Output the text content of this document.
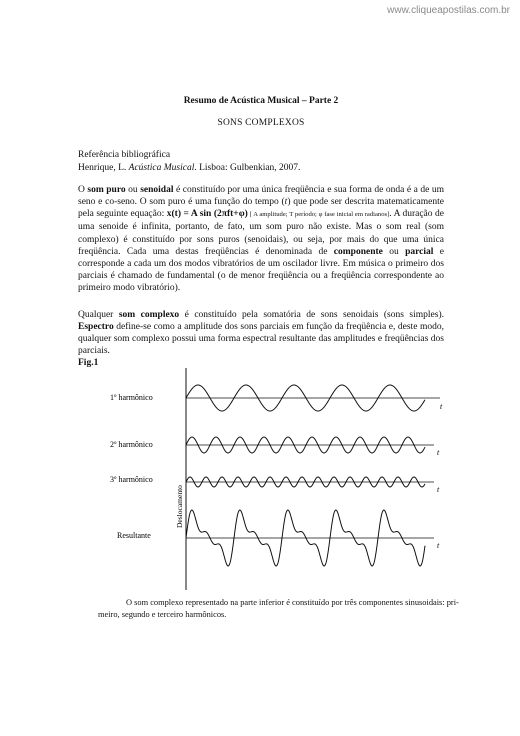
www.cliqueapostilas.com.br
Resumo de Acústica Musical – Parte 2
SONS COMPLEXOS
Referência bibliográfica
Henrique, L. Acústica Musical. Lisboa: Gulbenkian, 2007.

O som puro ou senoidal é constituído por uma única freqüência e sua forma de onda é a de um seno e co-seno. O som puro é uma função do tempo (t) que pode ser descrita matematicamente pela seguinte equação: x(t) = A sin (2πft+φ) [ A amplitude; T período; φ fase inicial em radianos]. A duração de uma senoide é infinita, portanto, de fato, um som puro não existe. Mas o som real (som complexo) é constituído por sons puros (senoidais), ou seja, por mais do que uma única freqüência. Cada uma destas freqüências é denominada de componente ou parcial e corresponde a cada um dos modos vibratórios de um oscilador livre. Em música o primeiro dos parciais é chamado de fundamental (o de menor freqüência ou a freqüência correspondente ao primeiro modo vibratório).

Qualquer som complexo é constituído pela somatória de sons senoidais (sons simples). Espectro define-se como a amplitude dos sons parciais em função da freqüência e, deste modo, qualquer som complexo possui uma forma espectral resultante das amplitudes e freqüências dos parciais.

Fig.1
1º harmônico
2º harmônico
3º harmônico
Resultante
Deslocamento
t
t
t
t
O som complexo representado na parte inferior é constituído por três componentes sinusoidais: pri-
meiro, segundo e terceiro harmônicos.
